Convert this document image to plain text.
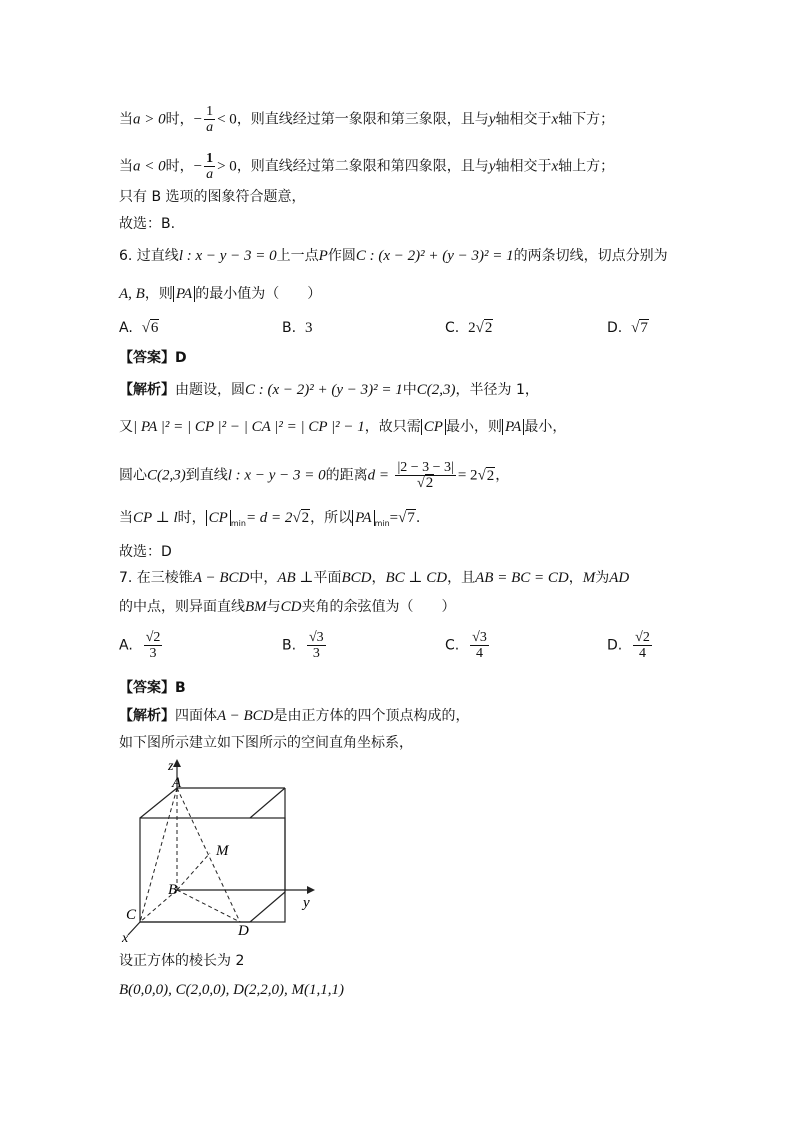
当a > 0时，− $\frac{1}{a} < 0$，则直线经过第一象限和第三象限，且与y轴相交于x轴下方；
当a < 0时，− $\frac{1}{a} > 0$，则直线经过第二象限和第四象限，且与y轴相交于x轴上方；
只有 B 选项的图象符合题意，
故选：B.
6. 过直线l : x − y − 3 = 0上一点P作圆C : (x − 2)² + (y − 3)² = 1的两条切线，切点分别为
A, B，则 PA 的最小值为（　　）
A. √6	B. 3	C. 2√2	D. √7
【答案】D
【解析】由题设，圆C : (x − 2)² + (y − 3)² = 1中C(2,3)，半径为 1，
又| PA |² = | CP |² − | CA |² = | CP |² − 1，故只需 CP 最小，则 PA 最小，
圆心C(2,3)到直线l : x − y − 3 = 0的距离$d = \frac{|2 - 3 - 3|}{√2} = 2√2$，
当CP ⊥ l时， CP $_{min}$= d = 2√2，所以 PA $_{min}$=√7.
故选：D
7. 在三棱锥A − BCD中，AB ⊥平面BCD，BC ⊥ CD，且AB = BC = CD，M为AD
的中点，则异面直线BM与CD夹角的余弦值为（　　）
A. $\frac{√2}{3}$	B. $\frac{√3}{3}$	C. $\frac{√3}{4}$	D. $\frac{√2}{4}$
【答案】B
【解析】四面体A − BCD是由正方体的四个顶点构成的，
如下图所示建立如下图所示的空间直角坐标系，
z
A
M
B
y
C
D
x
设正方体的棱长为 2
B(0,0,0), C(2,0,0), D(2,2,0), M(1,1,1)
